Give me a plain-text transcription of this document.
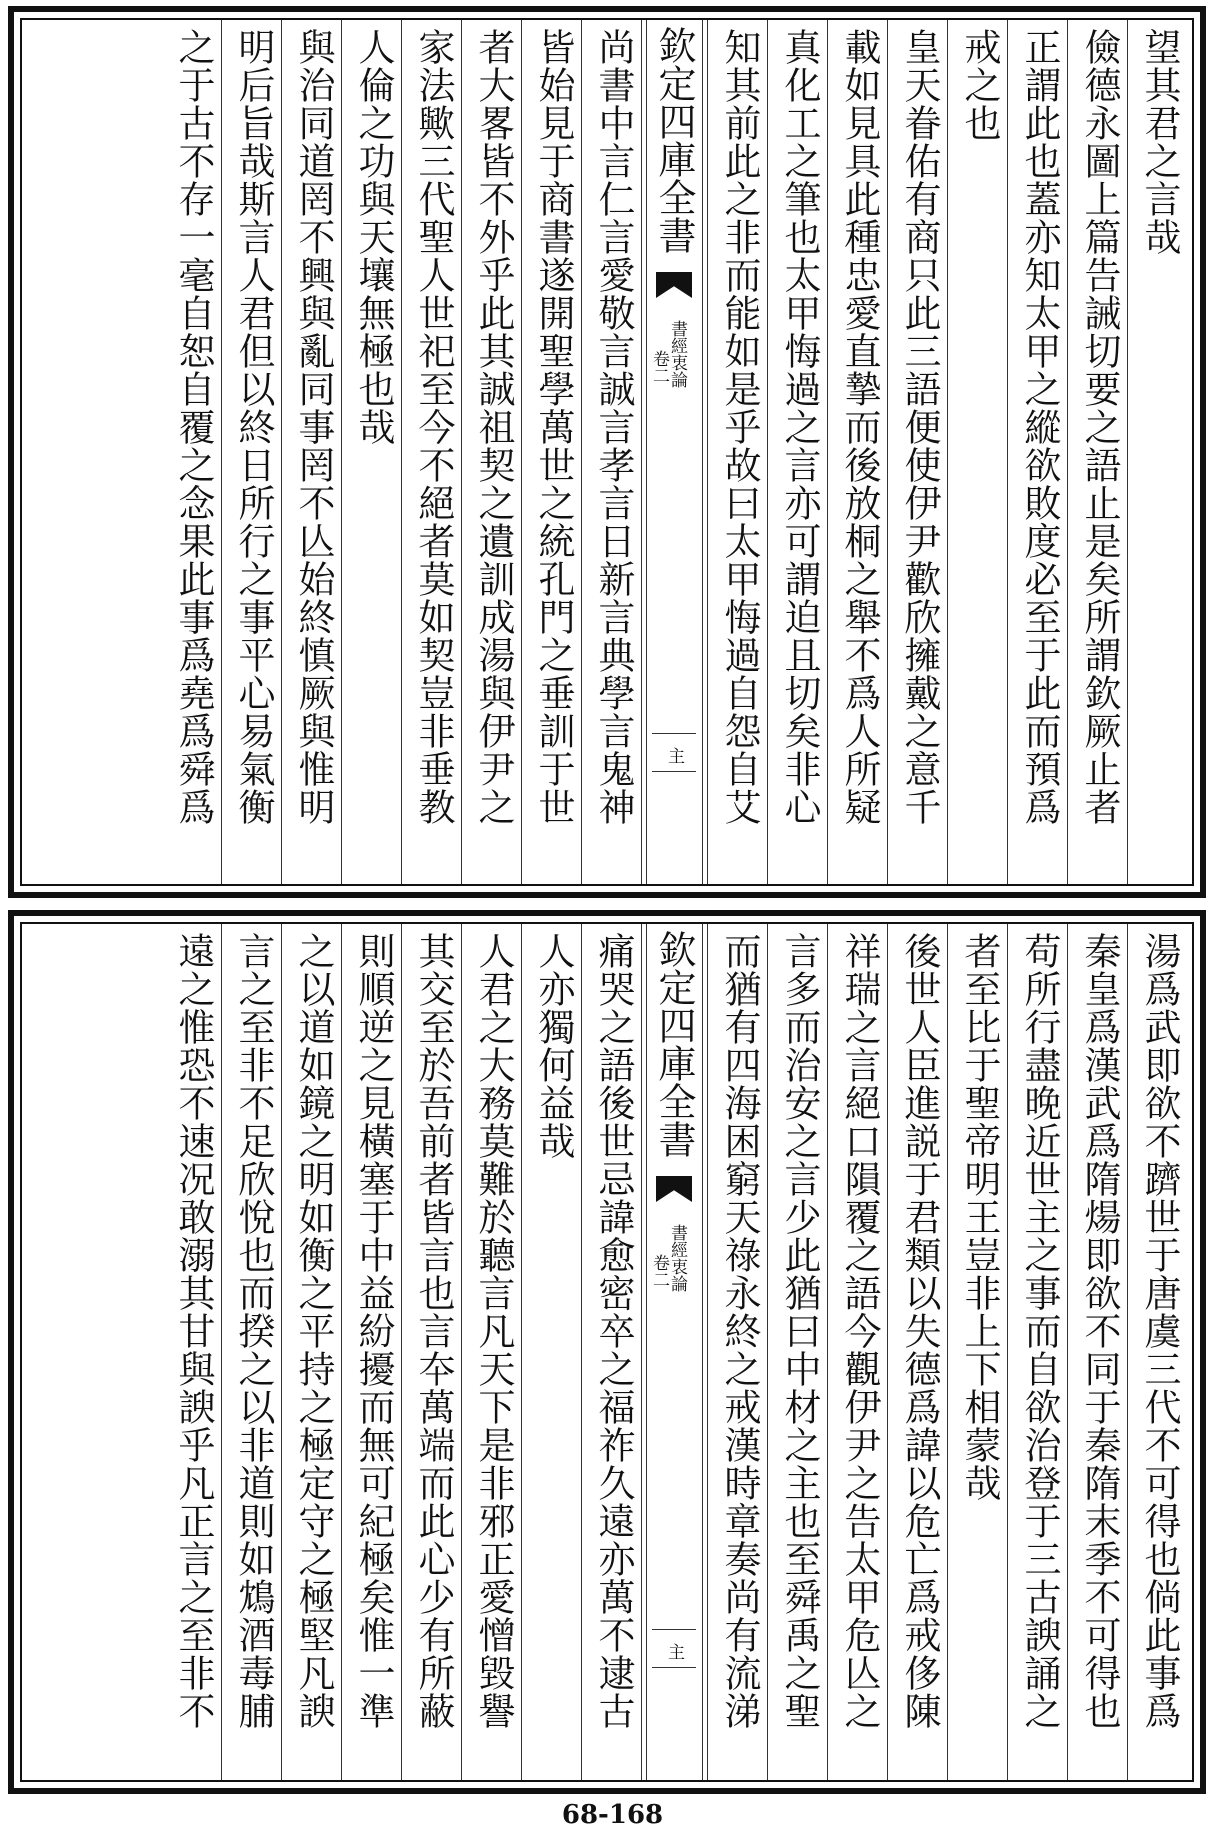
望其君之言哉
儉德永圖上篇告誡切要之語止是矣所謂欽厥止者
正謂此也蓋亦知太甲之縱欲敗度必至于此而預爲
戒之也
皇天眷佑有商只此三語便使伊尹歡欣擁戴之意千
載如見具此種忠愛直摯而後放桐之舉不爲人所疑
真化工之筆也太甲悔過之言亦可謂迫且切矣非心
知其前此之非而能如是乎故曰太甲悔過自怨自艾
欽定四庫全書
書經衷論
卷二
主
尚書中言仁言愛敬言誠言孝言日新言典學言鬼神
皆始見于商書遂開聖學萬世之統孔門之垂訓于世
者大畧皆不外乎此其誠祖契之遺訓成湯與伊尹之
家法歟三代聖人世祀至今不絕者莫如契豈非垂教
人倫之功與天壤無極也哉
與治同道罔不興與亂同事罔不亾始終慎厥與惟明
明后旨哉斯言人君但以終日所行之事平心易氣衡
之于古不存一毫自恕自覆之念果此事爲堯爲舜爲
湯爲武即欲不躋世于唐虞三代不可得也倘此事爲
秦皇爲漢武爲隋煬即欲不同于秦隋末季不可得也
苟所行盡晚近世主之事而自欲治登于三古諛誦之
者至比于聖帝明王豈非上下相蒙哉
後世人臣進説于君類以失德爲諱以危亡爲戒侈陳
祥瑞之言絕口隕覆之語今觀伊尹之告太甲危亾之
言多而治安之言少此猶曰中材之主也至舜禹之聖
而猶有四海困窮天祿永終之戒漢時章奏尚有流涕
欽定四庫全書
書經衷論
卷二
主
痛哭之語後世忌諱愈密卒之福祚久遠亦萬不逮古
人亦獨何益哉
人君之大務莫難於聽言凡天下是非邪正愛憎毀譽
其交至於吾前者皆言也言夲萬端而此心少有所蔽
則順逆之見橫塞于中益紛擾而無可紀極矣惟一準
之以道如鏡之明如衡之平持之極定守之極堅凡諛
言之至非不足欣悅也而揆之以非道則如鴆酒毒脯
遠之惟恐不速况敢溺其甘與諛乎凡正言之至非不
68-168
